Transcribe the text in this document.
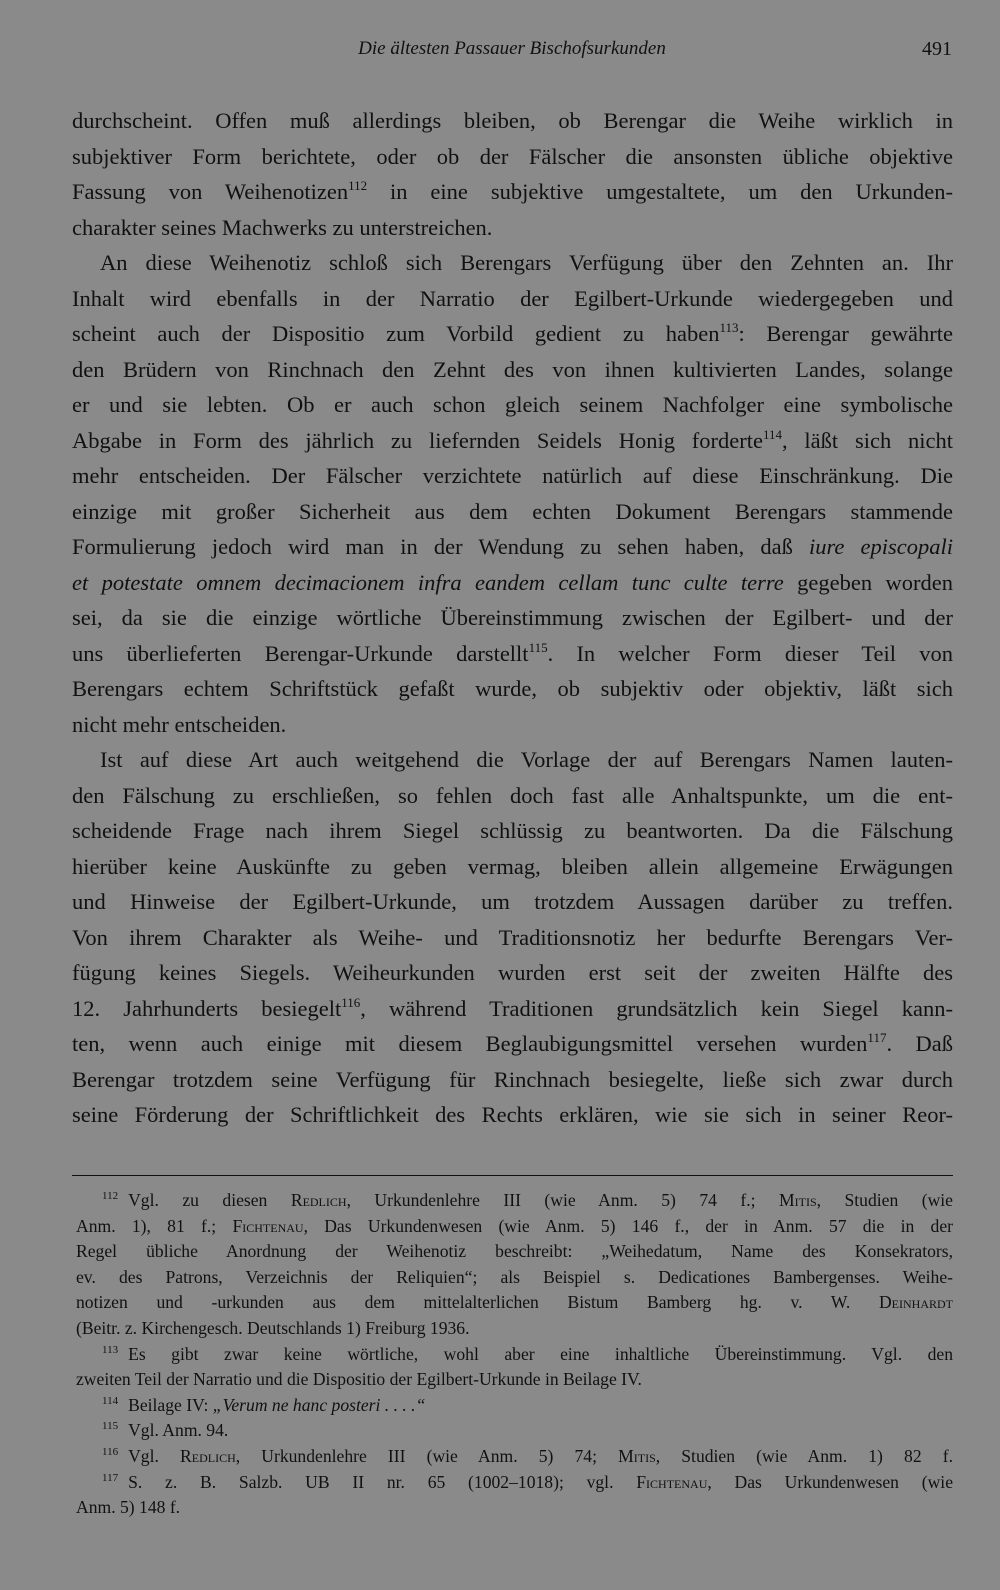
Die ältesten Passauer Bischofsurkunden	491
durchscheint. Offen muß allerdings bleiben, ob Berengar die Weihe wirklich in
subjektiver Form berichtete, oder ob der Fälscher die ansonsten übliche objektive
Fassung von Weihenotizen$^{112}$ in eine subjektive umgestaltete, um den Urkunden-
charakter seines Machwerks zu unterstreichen.
An diese Weihenotiz schloß sich Berengars Verfügung über den Zehnten an. Ihr
Inhalt wird ebenfalls in der Narratio der Egilbert-Urkunde wiedergegeben und
scheint auch der Dispositio zum Vorbild gedient zu haben$^{113}$: Berengar gewährte
den Brüdern von Rinchnach den Zehnt des von ihnen kultivierten Landes, solange
er und sie lebten. Ob er auch schon gleich seinem Nachfolger eine symbolische
Abgabe in Form des jährlich zu liefernden Seidels Honig forderte$^{114}$, läßt sich nicht
mehr entscheiden. Der Fälscher verzichtete natürlich auf diese Einschränkung. Die
einzige mit großer Sicherheit aus dem echten Dokument Berengars stammende
Formulierung jedoch wird man in der Wendung zu sehen haben, daß iure episcopali
et potestate omnem decimacionem infra eandem cellam tunc culte terre gegeben worden
sei, da sie die einzige wörtliche Übereinstimmung zwischen der Egilbert- und der
uns überlieferten Berengar-Urkunde darstellt$^{115}$. In welcher Form dieser Teil von
Berengars echtem Schriftstück gefaßt wurde, ob subjektiv oder objektiv, läßt sich
nicht mehr entscheiden.
Ist auf diese Art auch weitgehend die Vorlage der auf Berengars Namen lauten-
den Fälschung zu erschließen, so fehlen doch fast alle Anhaltspunkte, um die ent-
scheidende Frage nach ihrem Siegel schlüssig zu beantworten. Da die Fälschung
hierüber keine Auskünfte zu geben vermag, bleiben allein allgemeine Erwägungen
und Hinweise der Egilbert-Urkunde, um trotzdem Aussagen darüber zu treffen.
Von ihrem Charakter als Weihe- und Traditionsnotiz her bedurfte Berengars Ver-
fügung keines Siegels. Weiheurkunden wurden erst seit der zweiten Hälfte des
12. Jahrhunderts besiegelt$^{116}$, während Traditionen grundsätzlich kein Siegel kann-
ten, wenn auch einige mit diesem Beglaubigungsmittel versehen wurden$^{117}$. Daß
Berengar trotzdem seine Verfügung für Rinchnach besiegelte, ließe sich zwar durch
seine Förderung der Schriftlichkeit des Rechts erklären, wie sie sich in seiner Reor-
$^{112}$ Vgl. zu diesen Redlich, Urkundenlehre III (wie Anm. 5) 74 f.; Mitis, Studien (wie
Anm. 1), 81 f.; Fichtenau, Das Urkundenwesen (wie Anm. 5) 146 f., der in Anm. 57 die in der
Regel übliche Anordnung der Weihenotiz beschreibt: „Weihedatum, Name des Konsekrators,
ev. des Patrons, Verzeichnis der Reliquien“; als Beispiel s. Dedicationes Bambergenses. Weihe-
notizen und -urkunden aus dem mittelalterlichen Bistum Bamberg hg. v. W. Deinhardt
(Beitr. z. Kirchengesch. Deutschlands 1) Freiburg 1936.
$^{113}$ Es gibt zwar keine wörtliche, wohl aber eine inhaltliche Übereinstimmung. Vgl. den
zweiten Teil der Narratio und die Dispositio der Egilbert-Urkunde in Beilage IV.
$^{114}$ Beilage IV: „Verum ne hanc posteri . . . .“
$^{115}$ Vgl. Anm. 94.
$^{116}$ Vgl. Redlich, Urkundenlehre III (wie Anm. 5) 74; Mitis, Studien (wie Anm. 1) 82 f.
$^{117}$ S. z. B. Salzb. UB II nr. 65 (1002–1018); vgl. Fichtenau, Das Urkundenwesen (wie
Anm. 5) 148 f.
